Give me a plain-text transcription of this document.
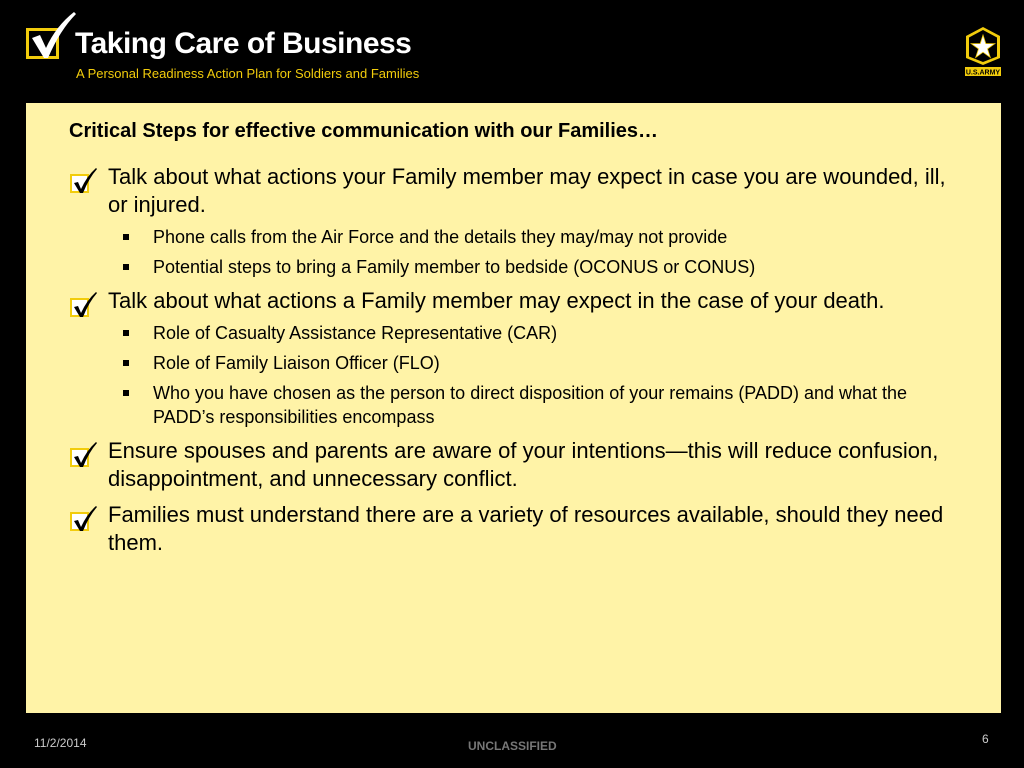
Taking Care of Business
A Personal Readiness Action Plan for Soldiers and Families	U.S.ARMY
Critical Steps for effective communication with our Families…
Talk about what actions your Family member may expect in case you are wounded, ill, or injured.
Phone calls from the Air Force and the details they may/may not provide
Potential steps to bring a Family member to bedside (OCONUS or CONUS)
Talk about what actions a Family member may expect in the case of your death.
Role of Casualty Assistance Representative (CAR)
Role of Family Liaison Officer (FLO)
Who you have chosen as the person to direct disposition of your remains (PADD) and what the PADD’s responsibilities encompass
Ensure spouses and parents are aware of your intentions—this will reduce confusion, disappointment, and unnecessary conflict.
Families must understand there are a variety of resources available, should they need them.
11/2/2014	UNCLASSIFIED	6
